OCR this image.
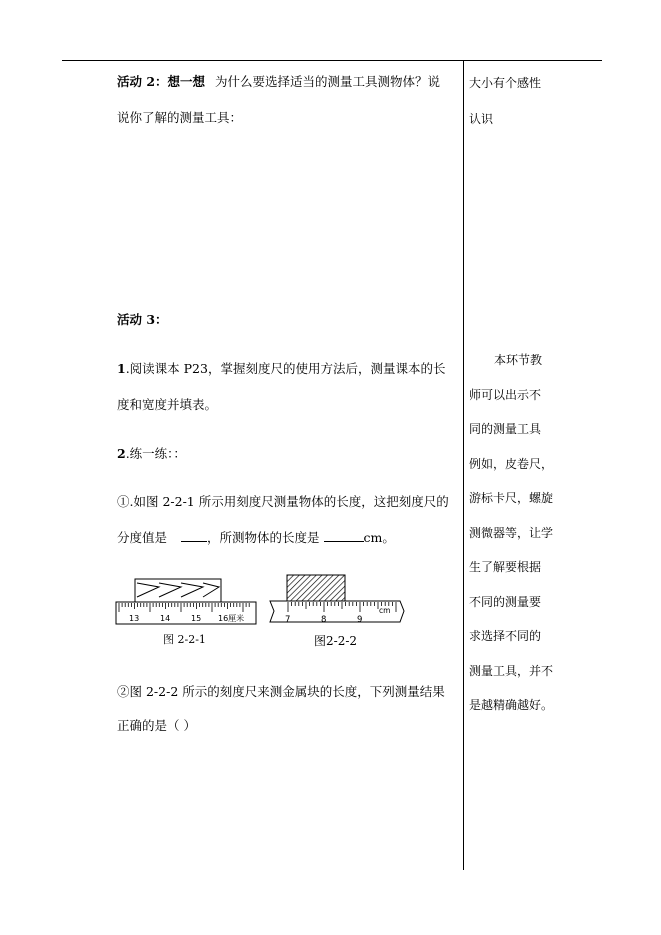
活动 2：想一想 为什么要选择适当的测量工具测物体？说
说你了解的测量工具：
活动 3：
1.阅读课本 P23，掌握刻度尺的使用方法后，测量课本的长
度和宽度并填表。
2.练一练：：
①.如图 2-2-1 所示用刻度尺测量物体的长度，这把刻度尺的
分度值是	，所测物体的长度是	cm。
②图 2-2-2 所示的刻度尺来测金属块的长度，下列测量结果
正确的是（ ）
13	14	15 16厘米
图 2-2-1
7	8	9
cm
图2-2-2
大小有个感性
认识
本环节教
师可以出示不
同的测量工具
例如，皮卷尺，
游标卡尺，螺旋
测微器等，让学
生了解要根据
不同的测量要
求选择不同的
测量工具，并不
是越精确越好。
